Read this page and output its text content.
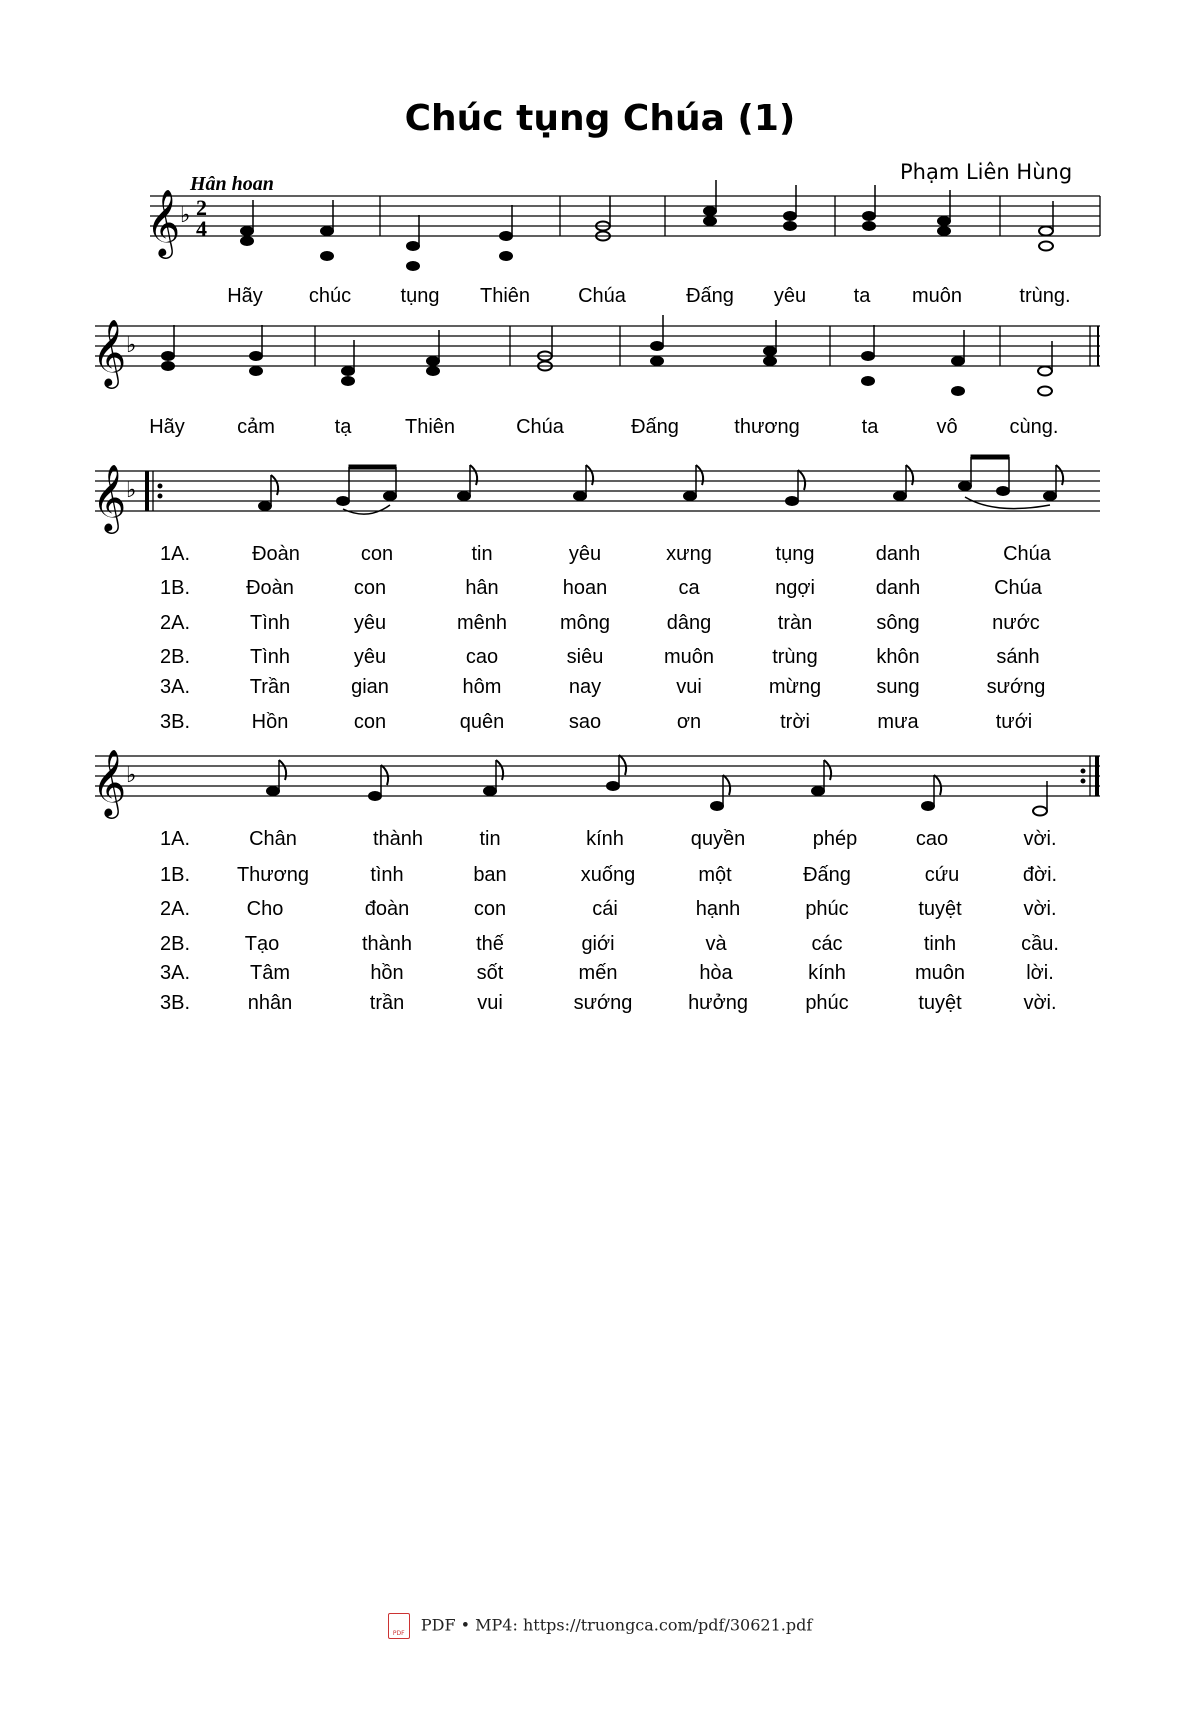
Chúc tụng Chúa (1)
Phạm Liên Hùng
Hân hoan
𝄞 ♭ 2
4
Hãy chúc tụng Thiên Chúa	Đấng yêu ta muôn	trùng.
𝄞 ♭
Hãy	cảm	tạ	Thiên	Chúa	Đấng	thương	ta	vô	cùng.
𝄞 ♭
1A.	Đoàn	con	tin	yêu	xưng	tụng	danh	Chúa
1B.	Đoàn	con	hân	hoan	ca	ngợi	danh	Chúa
2A.	Tình	yêu	mênh	mông	dâng	tràn	sông	nước
2B.	Tình	yêu	cao	siêu	muôn	trùng	khôn	sánh
3A.	Trần	gian	hôm	nay	vui	mừng	sung	sướng
3B.	Hồn	con	quên	sao	ơn	trời	mưa	tưới
𝄞 ♭
1A.	Chân	thành	tin	kính	quyền	phép	cao	vời.
1B. Thương	tình	ban	xuống	một	Đấng	cứu	đời.
2A.	Cho	đoàn	con	cái	hạnh	phúc	tuyệt	vời.
2B.	Tạo	thành	thế	giới	và	các	tinh	cầu.
3A.	Tâm	hồn	sốt	mến	hòa	kính	muôn	lời.
3B.	nhân	trần	vui	sướng	hưởng	phúc	tuyệt	vời.
PDF PDF • MP4: https://truongca.com/pdf/30621.pdf
